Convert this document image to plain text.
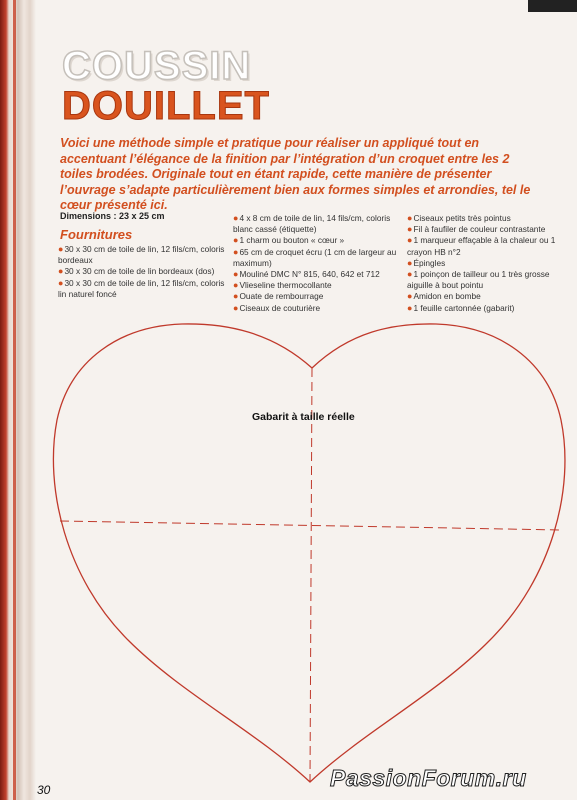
COUSSIN
DOUILLET

Voici une méthode simple et pratique pour réaliser un appliqué tout en accentuant l’élégance de la finition par l’intégration d’un croquet entre les 2 toiles brodées. Originale tout en étant rapide, cette manière de présenter l’ouvrage s’adapte particulièrement bien aux formes simples et arrondies, tel le cœur présenté ici.

Dimensions : 23 x 25 cm
Fournitures
●30 x 30 cm de toile de lin, 12 fils/cm, coloris bordeaux
●30 x 30 cm de toile de lin bordeaux (dos)
●30 x 30 cm de toile de lin, 12 fils/cm, coloris lin naturel foncé
●4 x 8 cm de toile de lin, 14 fils/cm, coloris blanc cassé (étiquette)
●1 charm ou bouton « cœur »
●65 cm de croquet écru (1 cm de largeur au maximum)
●Mouliné DMC N° 815, 640, 642 et 712
●Vlieseline thermocollante
●Ouate de rembourrage
●Ciseaux de couturière
●Ciseaux petits très pointus
●Fil à faufiler de couleur contrastante
●1 marqueur effaçable à la chaleur ou 1 crayon HB n°2
●Épingles
●1 poinçon de tailleur ou 1 très grosse aiguille à bout pointu
●Amidon en bombe
●1 feuille cartonnée (gabarit)
Gabarit à taille réelle
30	PassionForum.ru
